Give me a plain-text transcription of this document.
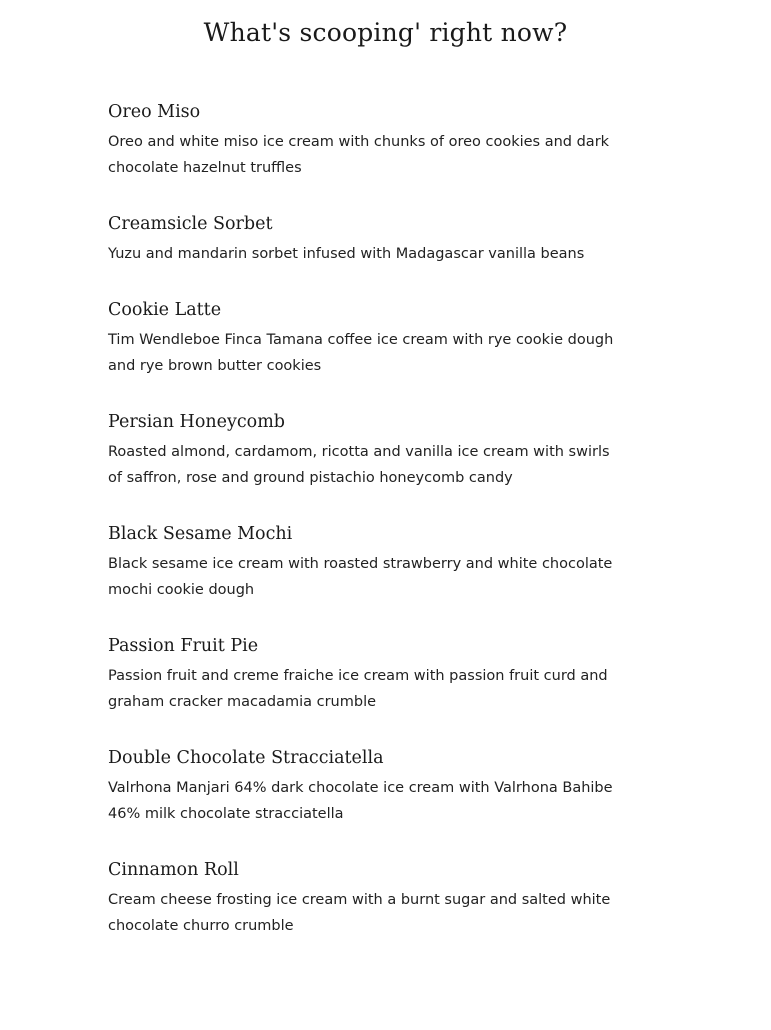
What's scooping' right now?
Oreo Miso

Oreo and white miso ice cream with chunks of oreo cookies and dark chocolate hazelnut truffles

Creamsicle Sorbet

Yuzu and mandarin sorbet infused with Madagascar vanilla beans

Cookie Latte

Tim Wendleboe Finca Tamana coffee ice cream with rye cookie dough and rye brown butter cookies

Persian Honeycomb

Roasted almond, cardamom, ricotta and vanilla ice cream with swirls of saffron, rose and ground pistachio honeycomb candy

Black Sesame Mochi

Black sesame ice cream with roasted strawberry and white chocolate mochi cookie dough

Passion Fruit Pie

Passion fruit and creme fraiche ice cream with passion fruit curd and graham cracker macadamia crumble

Double Chocolate Stracciatella

Valrhona Manjari 64% dark chocolate ice cream with Valrhona Bahibe 46% milk chocolate stracciatella

Cinnamon Roll

Cream cheese frosting ice cream with a burnt sugar and salted white chocolate churro crumble
